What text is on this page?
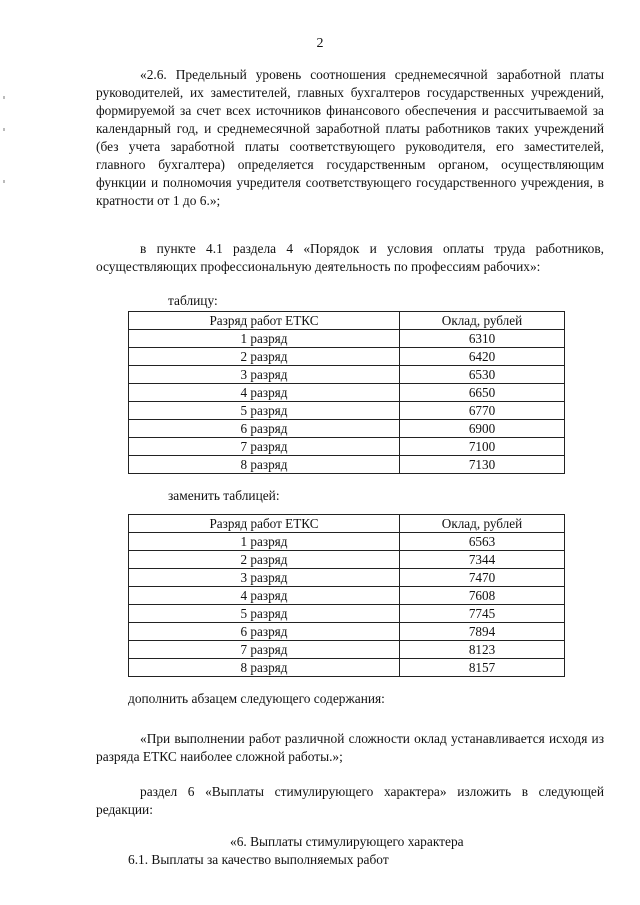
2

«2.6. Предельный уровень соотношения среднемесячной заработной платы руководителей, их заместителей, главных бухгалтеров государственных учреждений, формируемой за счет всех источников финансового обеспечения и рассчитываемой за календарный год, и среднемесячной заработной платы работников таких учреждений (без учета заработной платы соответствующего руководителя, его заместителей, главного бухгалтера) определяется государственным органом, осуществляющим функции и полномочия учредителя соответствующего государственного учреждения, в кратности от 1 до 6.»;

в пункте 4.1 раздела 4 «Порядок и условия оплаты труда работников, осуществляющих профессиональную деятельность по профессиям рабочих»:

таблицу:

Разряд работ ЕТКС	Оклад, рублей
1 разряд	6310
2 разряд	6420
3 разряд	6530
4 разряд	6650
5 разряд	6770
6 разряд	6900
7 разряд	7100
8 разряд	7130

заменить таблицей:

Разряд работ ЕТКС	Оклад, рублей
1 разряд	6563
2 разряд	7344
3 разряд	7470
4 разряд	7608
5 разряд	7745
6 разряд	7894
7 разряд	8123
8 разряд	8157

дополнить абзацем следующего содержания:

«При выполнении работ различной сложности оклад устанавливается исходя из разряда ЕТКС наиболее сложной работы.»;

раздел 6 «Выплаты стимулирующего характера» изложить в следующей редакции:

«6. Выплаты стимулирующего характера

6.1. Выплаты за качество выполняемых работ
